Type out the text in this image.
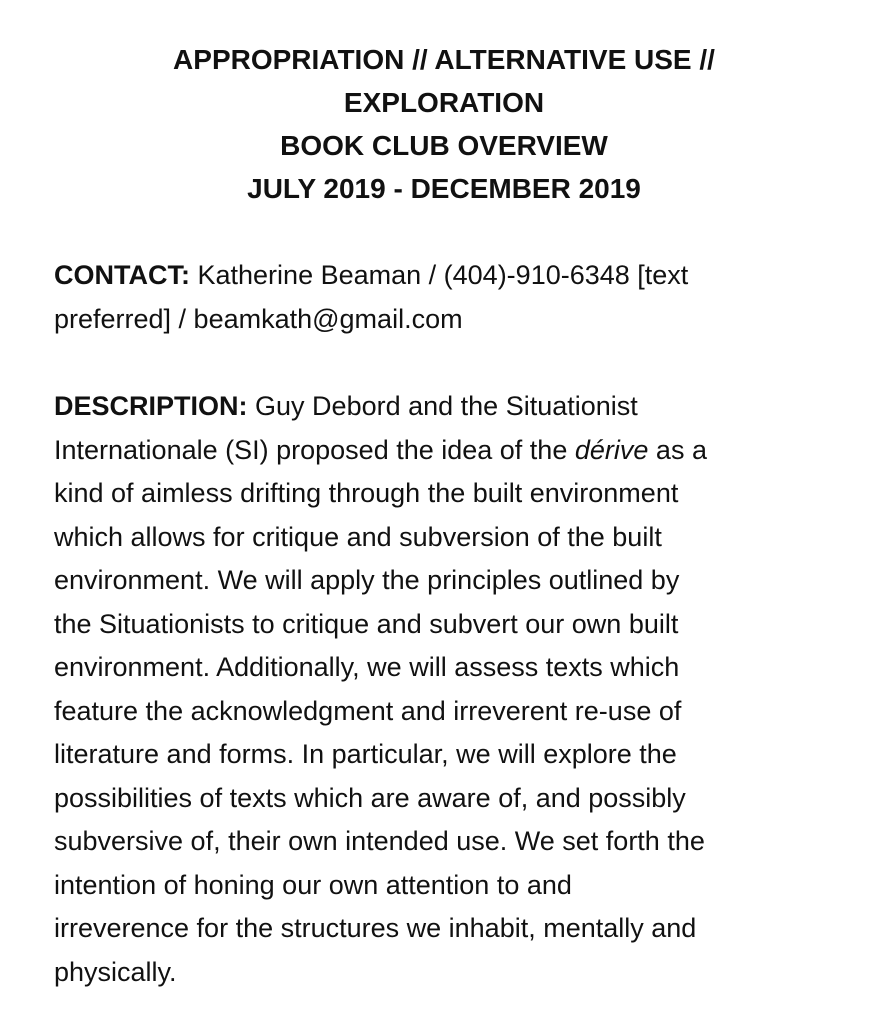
APPROPRIATION // ALTERNATIVE USE //
EXPLORATION
BOOK CLUB OVERVIEW
JULY 2019 - DECEMBER 2019

CONTACT: Katherine Beaman / (404)-910-6348 [text
preferred] / beamkath@gmail.com

DESCRIPTION: Guy Debord and the Situationist
Internationale (SI) proposed the idea of the dérive as a
kind of aimless drifting through the built environment
which allows for critique and subversion of the built
environment. We will apply the principles outlined by
the Situationists to critique and subvert our own built
environment. Additionally, we will assess texts which
feature the acknowledgment and irreverent re-use of
literature and forms. In particular, we will explore the
possibilities of texts which are aware of, and possibly
subversive of, their own intended use. We set forth the
intention of honing our own attention to and
irreverence for the structures we inhabit, mentally and
physically.
